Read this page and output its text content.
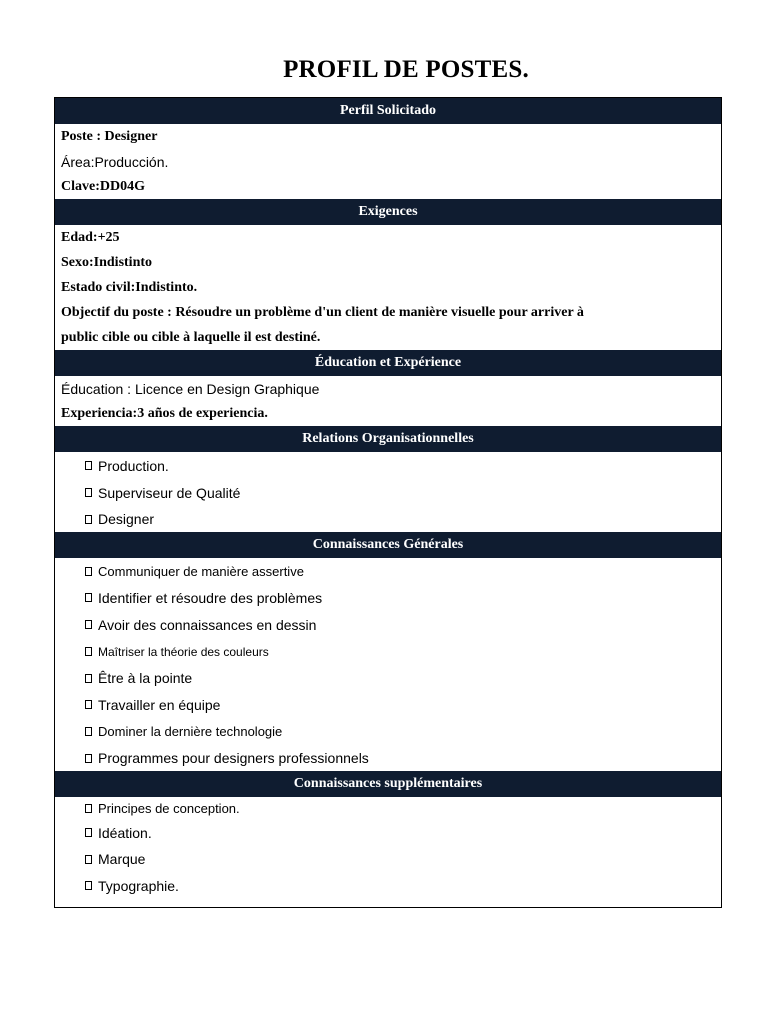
PROFIL DE POSTES.
Perfil Solicitado
Poste : Designer
Área:Producción.
Clave:DD04G
Exigences
Edad:+25
Sexo:Indistinto
Estado civil:Indistinto.
Objectif du poste : Résoudre un problème d'un client de manière visuelle pour arriver à
public cible ou cible à laquelle il est destiné.
Éducation et Expérience
Éducation : Licence en Design Graphique
Experiencia:3 años de experiencia.
Relations Organisationnelles
Production.
Superviseur de Qualité
Designer
Connaissances Générales
Communiquer de manière assertive
Identifier et résoudre des problèmes
Avoir des connaissances en dessin
Maîtriser la théorie des couleurs
Être à la pointe
Travailler en équipe
Dominer la dernière technologie
Programmes pour designers professionnels
Connaissances supplémentaires
Principes de conception.
Idéation.
Marque
Typographie.
